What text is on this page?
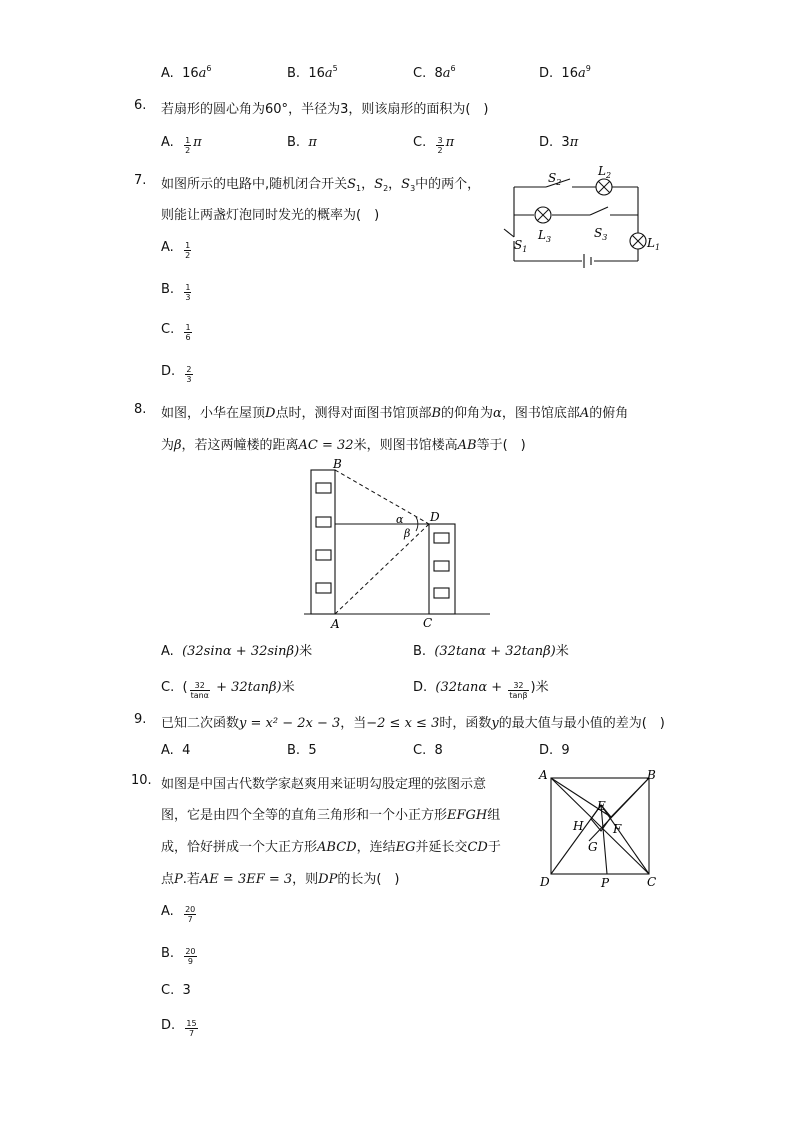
A. $16a^6$	B. $16a^5$	C. $8a^6$	D. $16a^9$
6. 若扇形的圆心角为60°，半径为3，则该扇形的面积为(　)
A. $\frac{1}{2}$ π	B. π	C. $\frac{3}{2}$ π	D. 3π
7. 如图所示的电路中,随机闭合开关$S_1$，$S_2$，$S_3$中的两个，
则能让两盏灯泡同时发光的概率为(　)
A. $\frac{1}{2}$
B. $\frac{1}{3}$
C. $\frac{1}{6}$
D. $\frac{2}{3}$
$S_2$
$L_2$
$L_3$	$S_3$
$S_1$	$L_1$
8. 如图，小华在屋顶D点时，测得对面图书馆顶部B的仰角为α，图书馆底部A的俯角
为β，若这两幢楼的距离AC = 32米，则图书馆楼高AB等于(　)
B
D
α
β
A	C
A. (32sinα + 32sinβ)米	B. (32tanα + 32tanβ)米
C. ( $\frac{32}{\tan\alpha} + 32\tan\beta$)米	D. ($32\tan\alpha + \frac{32}{\tan\beta}$ )米
9. 已知二次函数y = x² − 2x − 3，当−2 ≤ x ≤ 3时，函数y的最大值与最小值的差为(　)
A. 4	B. 5	C. 8	D. 9
10. 如图是中国古代数学家赵爽用来证明勾股定理的弦图示意
图，它是由四个全等的直角三角形和一个小正方形EFGH组
成，恰好拼成一个大正方形ABCD，连结EG并延长交CD于
点P.若AE = 3EF = 3，则DP的长为(　)
A	B
E
H F
G
D	P	C
A. $\frac{20}{7}$
B. $\frac{20}{9}$
C. 3
D. $\frac{15}{7}$
